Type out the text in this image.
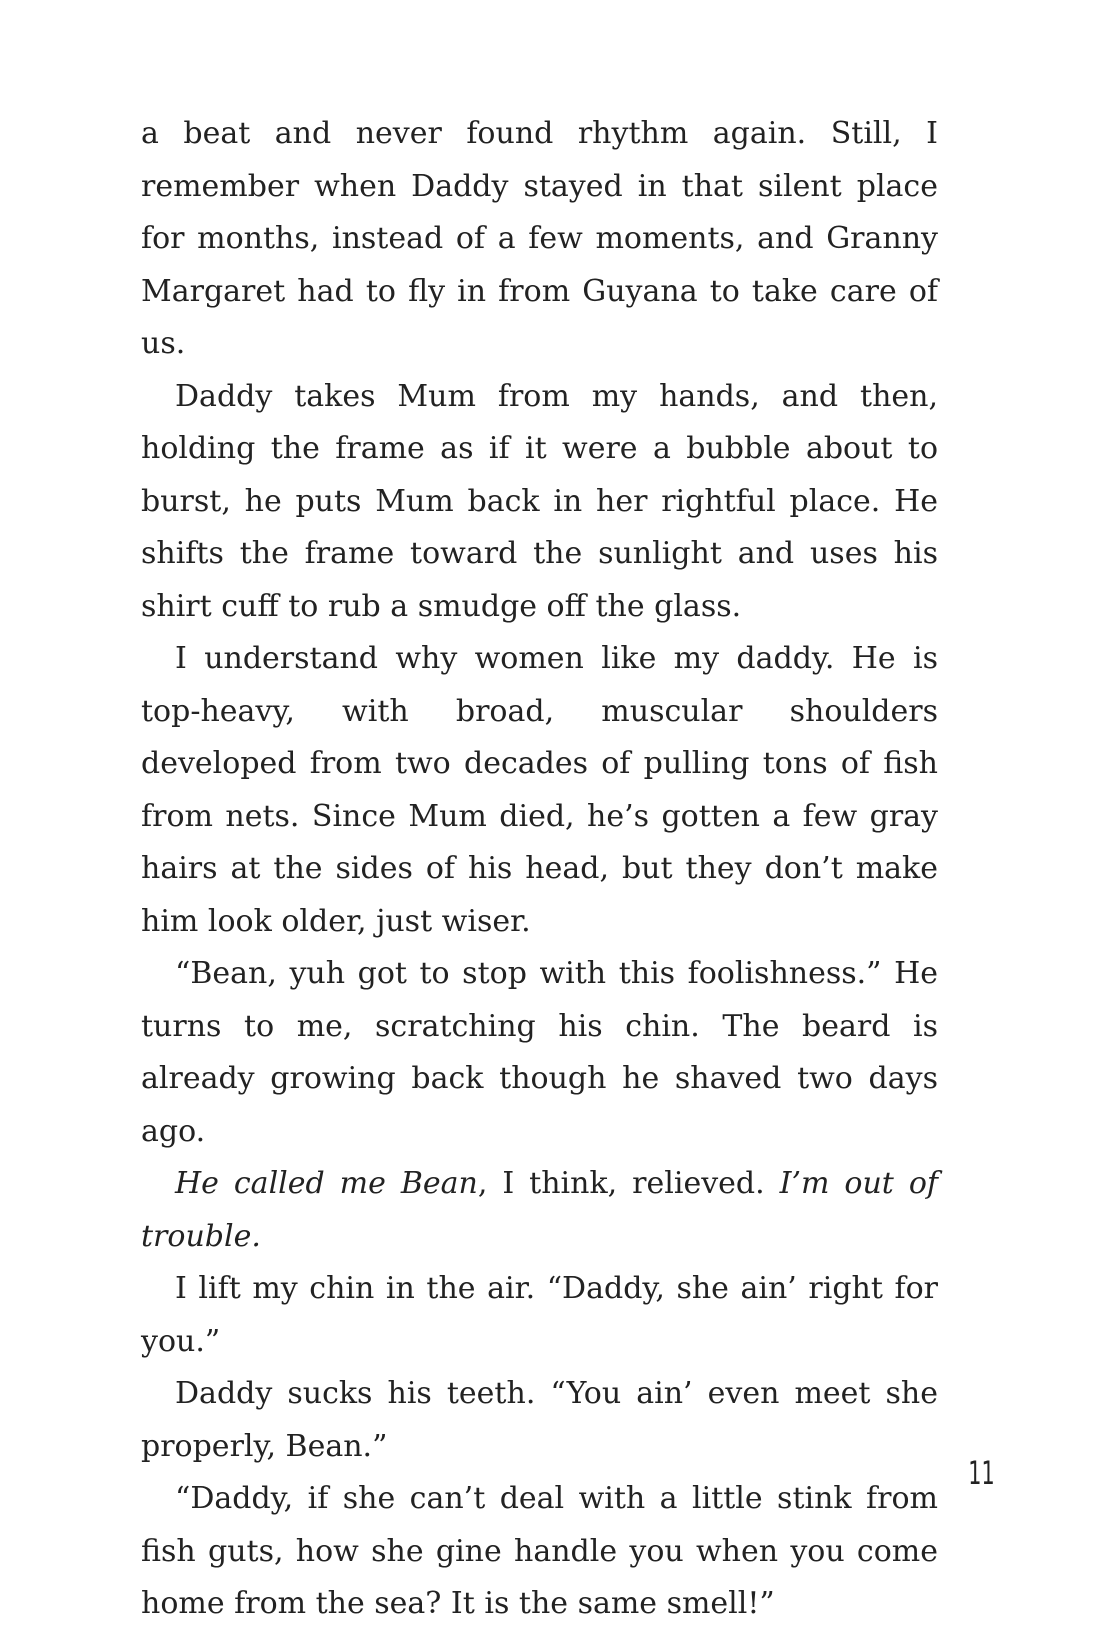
a beat and never found rhythm again. Still, I remember when Daddy stayed in that silent place for months, instead of a few moments, and Granny Margaret had to fly in from Guyana to take care of us.

Daddy takes Mum from my hands, and then, holding the frame as if it were a bubble about to burst, he puts Mum back in her rightful place. He shifts the frame toward the sunlight and uses his shirt cuff to rub a smudge off the glass.

I understand why women like my daddy. He is top-heavy, with broad, muscular shoulders developed from two decades of pulling tons of fish from nets. Since Mum died, he’s gotten a few gray hairs at the sides of his head, but they don’t make him look older, just wiser.

“Bean, yuh got to stop with this foolishness.” He turns to me, scratching his chin. The beard is already growing back though he shaved two days ago.

He called me Bean, I think, relieved. I’m out of trouble.

I lift my chin in the air. “Daddy, she ain’ right for you.”

Daddy sucks his teeth. “You ain’ even meet she properly, Bean.”

“Daddy, if she can’t deal with a little stink from fish guts, how she gine handle you when you come home from the sea? It is the same smell!”

11
